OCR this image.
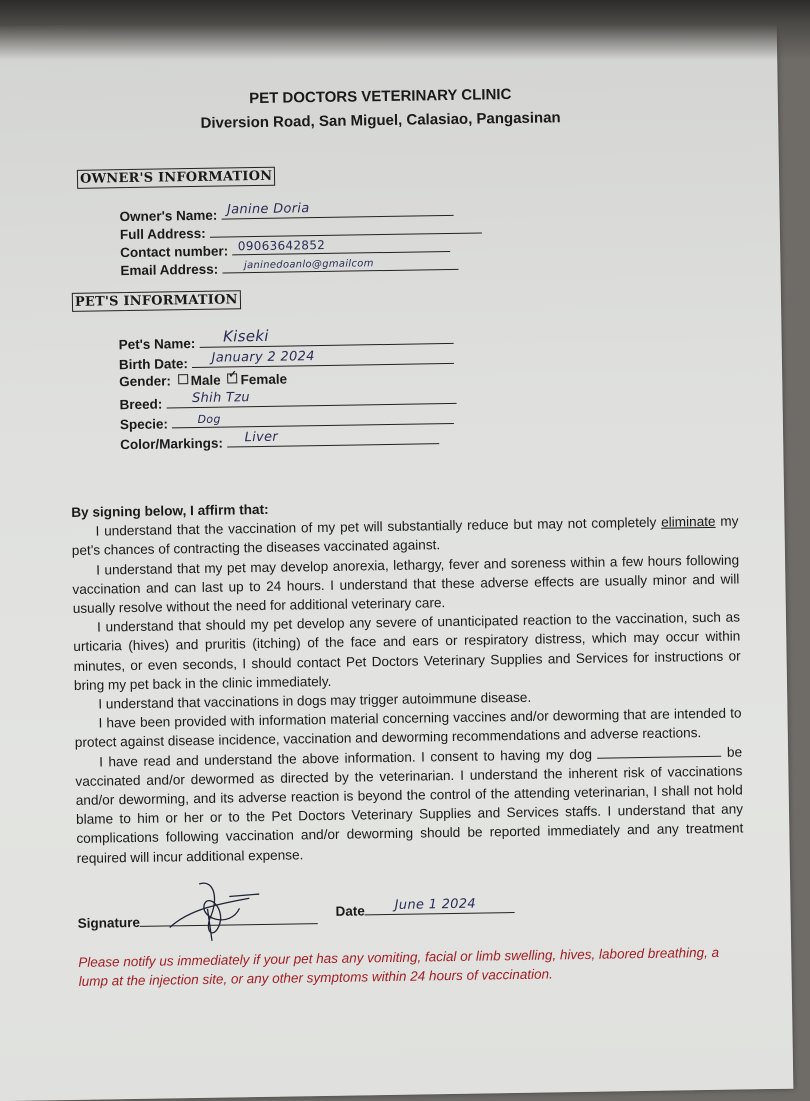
PET DOCTORS VETERINARY CLINIC
Diversion Road, San Miguel, Calasiao, Pangasinan
OWNER'S INFORMATION
Owner's Name: Janine Doria
Full Address:
Contact number: 09063642852
Email Address:	janinedoanlo@gmailcom
PET'S INFORMATION
Pet's Name: Kiseki
Birth Date: January 2 2024
Gender: Male ✓ Female
Breed: Shih Tzu
Specie:	Dog
Color/Markings: Liver

By signing below, I affirm that:

I understand that the vaccination of my pet will substantially reduce but may not completely eliminate my pet's chances of contracting the diseases vaccinated against.

I understand that my pet may develop anorexia, lethargy, fever and soreness within a few hours following vaccination and can last up to 24 hours. I understand that these adverse effects are usually minor and will usually resolve without the need for additional veterinary care.

I understand that should my pet develop any severe of unanticipated reaction to the vaccination, such as urticaria (hives) and pruritis (itching) of the face and ears or respiratory distress, which may occur within minutes, or even seconds, I should contact Pet Doctors Veterinary Supplies and Services for instructions or bring my pet back in the clinic immediately.

I understand that vaccinations in dogs may trigger autoimmune disease.

I have been provided with information material concerning vaccines and/or deworming that are intended to protect against disease incidence, vaccination and deworming recommendations and adverse reactions.

I have read and understand the above information. I consent to having my dog	be vaccinated and/or dewormed as directed by the veterinarian. I understand the inherent risk of vaccinations and/or deworming, and its adverse reaction is beyond the control of the attending veterinarian, I shall not hold blame to him or her or to the Pet Doctors Veterinary Supplies and Services staffs. I understand that any complications following vaccination and/or deworming should be reported immediately and any treatment required will incur additional expense.

Signature
Date June 1 2024
Please notify us immediately if your pet has any vomiting, facial or limb swelling, hives, labored breathing, a lump at the injection site, or any other symptoms within 24 hours of vaccination.
